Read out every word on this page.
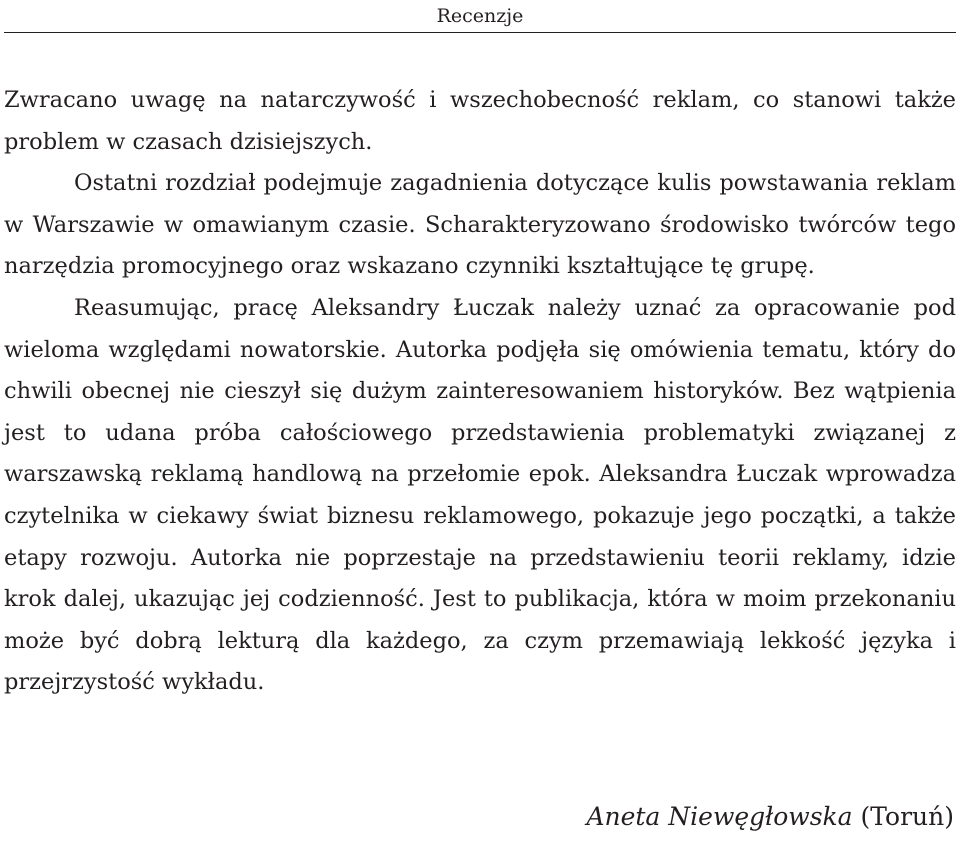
Recenzje

Zwracano uwagę na natarczywość i wszechobecność reklam, co stanowi także problem w czasach dzisiejszych.

Ostatni rozdział podejmuje zagadnienia dotyczące kulis powstawania reklam w Warszawie w omawianym czasie. Scharakteryzowano środowisko twórców tego narzędzia promocyjnego oraz wskazano czynniki kształtujące tę grupę.

Reasumując, pracę Aleksandry Łuczak należy uznać za opracowanie pod wieloma względami nowatorskie. Autorka podjęła się omówienia tematu, który do chwili obecnej nie cieszył się dużym zainteresowaniem historyków. Bez wątpienia jest to udana próba całościowego przedstawienia problematyki związanej z warszawską reklamą handlową na przełomie epok. Aleksandra Łuczak wprowadza czytelnika w ciekawy świat biznesu reklamowego, pokazuje jego początki, a także etapy rozwoju. Autorka nie poprzestaje na przedstawieniu teorii reklamy, idzie krok dalej, ukazując jej codzienność. Jest to publikacja, która w moim przekonaniu może być dobrą lekturą dla każdego, za czym przemawiają lekkość języka i przejrzystość wykładu.

Aneta Niewęgłowska (Toruń)
